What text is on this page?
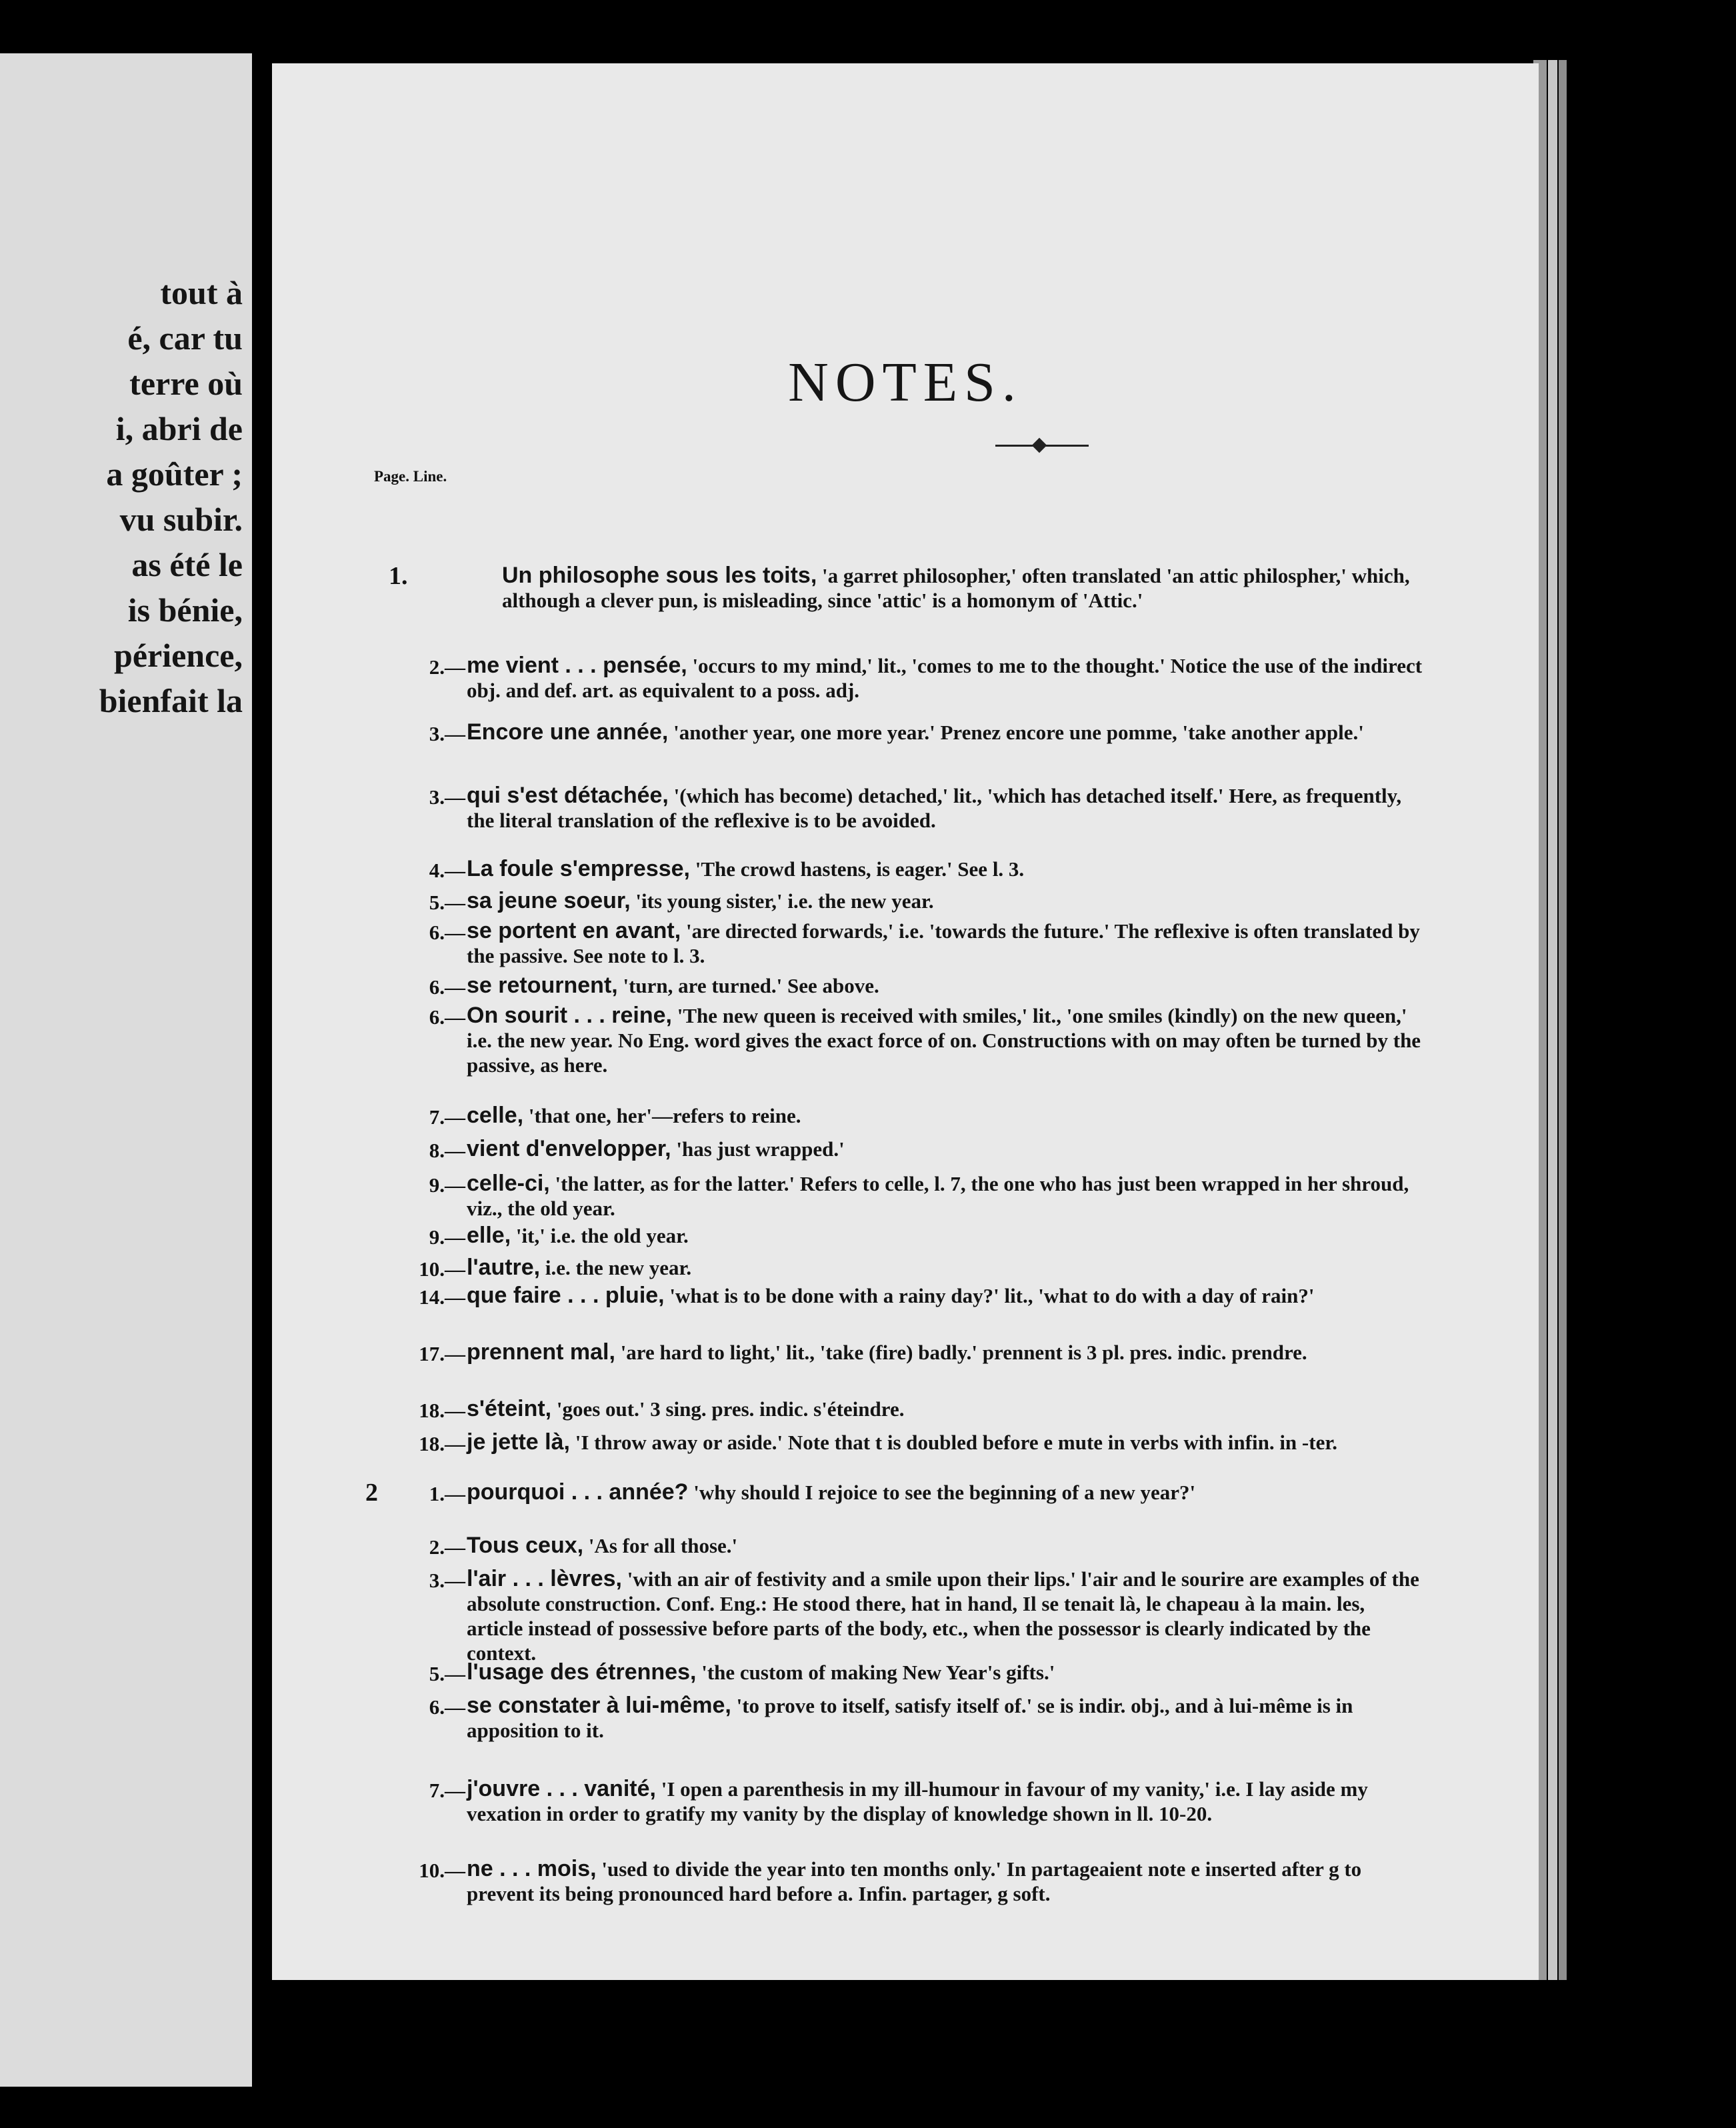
tout à
é, car tu
terre où
i, abri de
a goûter ;
vu subir.
as été le
is bénie,
périence,
bienfait la
NOTES.
Page. Line.
1.	Un philosophe sous les toits, 'a garret philosopher,' often translated 'an attic philospher,' which, although a clever pun, is misleading, since 'attic' is a homonym of 'Attic.'
2.— me vient . . . pensée, 'occurs to my mind,' lit., 'comes to me to the thought.' Notice the use of the indirect obj. and def. art. as equivalent to a poss. adj.
3.— Encore une année, 'another year, one more year.' Prenez encore une pomme, 'take another apple.'
3.— qui s'est détachée, '(which has become) detached,' lit., 'which has detached itself.' Here, as frequently, the literal translation of the reflexive is to be avoided.
4.— La foule s'empresse, 'The crowd hastens, is eager.' See l. 3.
5.— sa jeune soeur, 'its young sister,' i.e. the new year.
6.— se portent en avant, 'are directed forwards,' i.e. 'towards the future.' The reflexive is often translated by the passive. See note to l. 3.
6.— se retournent, 'turn, are turned.' See above.
6.— On sourit . . . reine, 'The new queen is received with smiles,' lit., 'one smiles (kindly) on the new queen,' i.e. the new year. No Eng. word gives the exact force of on. Constructions with on may often be turned by the passive, as here.
7.— celle, 'that one, her'—refers to reine.
8.— vient d'envelopper, 'has just wrapped.'
9.— celle-ci, 'the latter, as for the latter.' Refers to celle, l. 7, the one who has just been wrapped in her shroud, viz., the old year.
9.— elle, 'it,' i.e. the old year.
10.— l'autre, i.e. the new year.
14.— que faire . . . pluie, 'what is to be done with a rainy day?' lit., 'what to do with a day of rain?'
17.— prennent mal, 'are hard to light,' lit., 'take (fire) badly.' prennent is 3 pl. pres. indic. prendre.
18.— s'éteint, 'goes out.' 3 sing. pres. indic. s'éteindre.
18.— je jette là, 'I throw away or aside.' Note that t is doubled before e mute in verbs with infin. in -ter.
2	1.— pourquoi . . . année? 'why should I rejoice to see the beginning of a new year?'
2.— Tous ceux, 'As for all those.'
3.— l'air . . . lèvres, 'with an air of festivity and a smile upon their lips.' l'air and le sourire are examples of the absolute construction. Conf. Eng.: He stood there, hat in hand, Il se tenait là, le chapeau à la main. les, article instead of possessive before parts of the body, etc., when the possessor is clearly indicated by the context.
5.— l'usage des étrennes, 'the custom of making New Year's gifts.'
6.— se constater à lui-même, 'to prove to itself, satisfy itself of.' se is indir. obj., and à lui-même is in apposition to it.
7.— j'ouvre . . . vanité, 'I open a parenthesis in my ill-humour in favour of my vanity,' i.e. I lay aside my vexation in order to gratify my vanity by the display of knowledge shown in ll. 10-20.
10.— ne . . . mois, 'used to divide the year into ten months only.' In partageaient note e inserted after g to prevent its being pronounced hard before a. Infin. partager, g soft.
